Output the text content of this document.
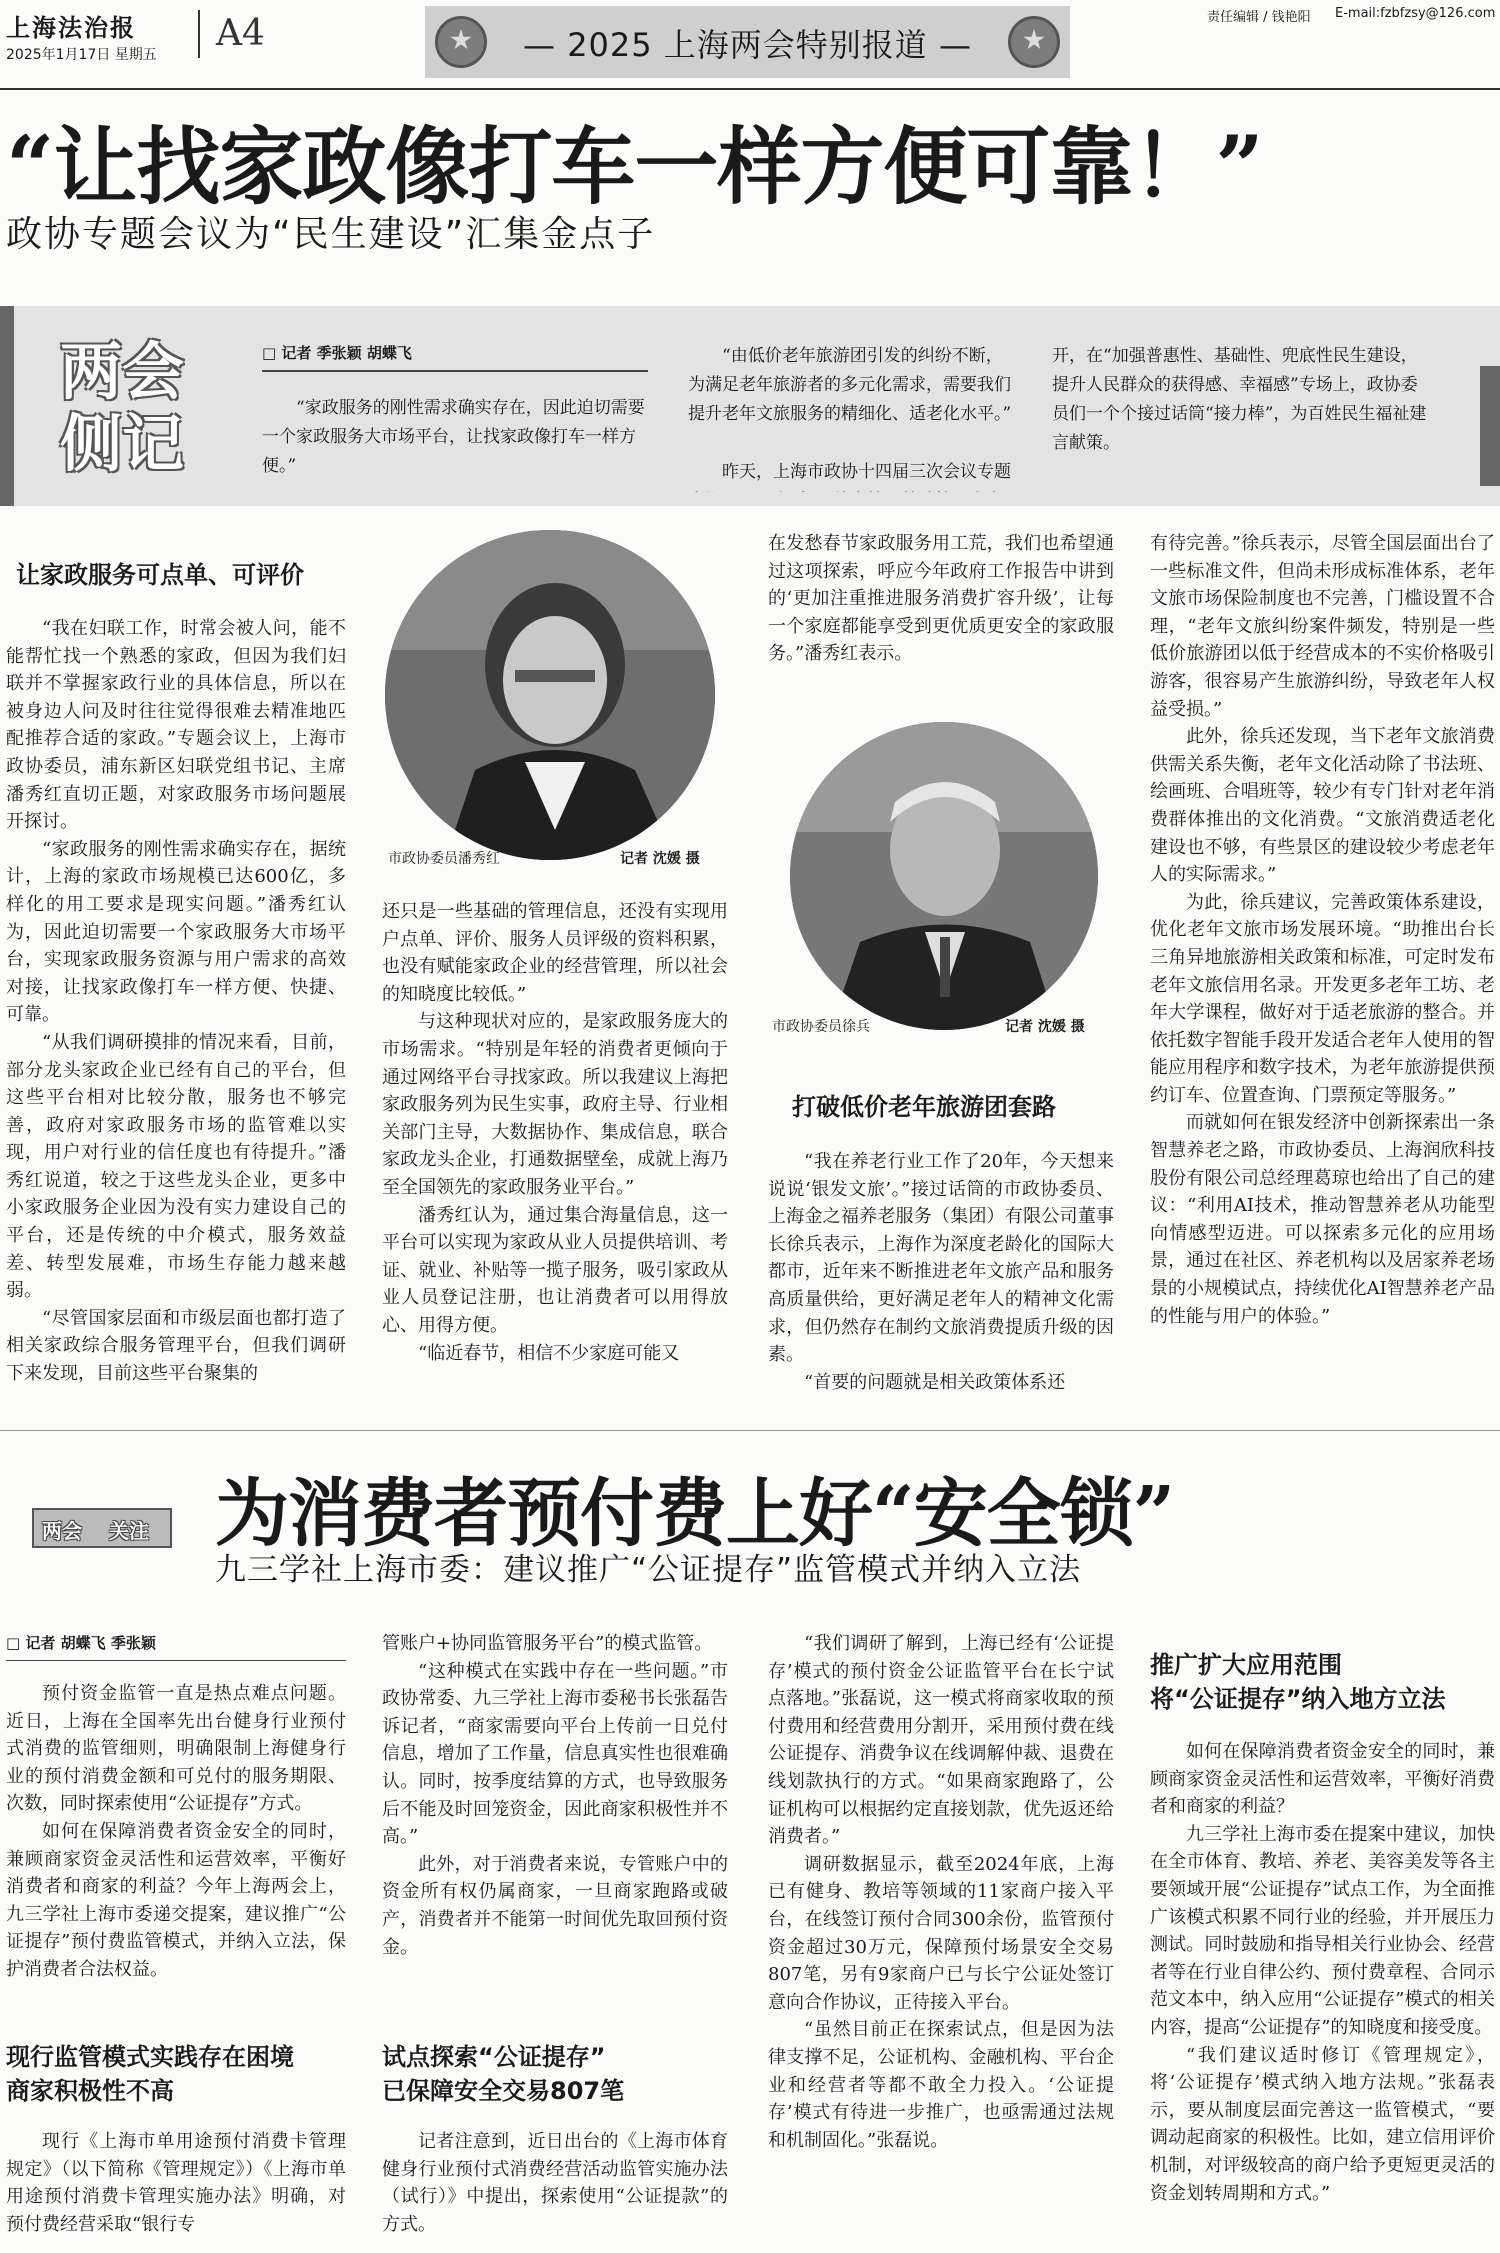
上海法治报
2025年1月17日 星期五
A4	— 2025 上海两会特别报道 —
责任编辑 / 钱艳阳 E-mail:fzbfzsy@126.com
“让找家政像打车一样方便可靠！”
政协专题会议为“民生建设”汇集金点子
两会侧记
□ 记者 季张颖 胡蝶飞
“家政服务的刚性需求确实存在，因此迫切需要一个家政服务大市场平台，让找家政像打车一样方便。”
“由低价老年旅游团引发的纠纷不断，为满足老年旅游者的多元化需求，需要我们提升老年文旅服务的精细化、适老化水平。”
昨天，上海市政协十四届三次会议专题
开，在“加强普惠性、基础性、兜底性民生建设，提升人民群众的获得感、幸福感”专场上，政协委员们一个个接过话筒“接力棒”，为百姓民生福祉建言献策。
让家政服务可点单、可评价

“我在妇联工作，时常会被人问，能不能帮忙找一个熟悉的家政，但因为我们妇联并不掌握家政行业的具体信息，所以在被身边人问及时往往觉得很难去精准地匹配推荐合适的家政。”专题会议上，上海市政协委员，浦东新区妇联党组书记、主席潘秀红直切正题，对家政服务市场问题展开探讨。

“家政服务的刚性需求确实存在，据统计，上海的家政市场规模已达600亿，多样化的用工要求是现实问题。”潘秀红认为，因此迫切需要一个家政服务大市场平台，实现家政服务资源与用户需求的高效对接，让找家政像打车一样方便、快捷、可靠。

“从我们调研摸排的情况来看，目前，部分龙头家政企业已经有自己的平台，但这些平台相对比较分散，服务也不够完善，政府对家政服务市场的监管难以实现，用户对行业的信任度也有待提升。”潘秀红说道，较之于这些龙头企业，更多中小家政服务企业因为没有实力建设自己的平台，还是传统的中介模式，服务效益差、转型发展难，市场生存能力越来越弱。

“尽管国家层面和市级层面也都打造了相关家政综合服务管理平台，但我们调研下来发现，目前这些平台聚集的

市政协委员潘秀红	记者 沈媛 摄

还只是一些基础的管理信息，还没有实现用户点单、评价、服务人员评级的资料积累，也没有赋能家政企业的经营管理，所以社会的知晓度比较低。”

与这种现状对应的，是家政服务庞大的市场需求。“特别是年轻的消费者更倾向于通过网络平台寻找家政。所以我建议上海把家政服务列为民生实事，政府主导、行业相关部门主导，大数据协作、集成信息，联合家政龙头企业，打通数据壁垒，成就上海乃至全国领先的家政服务业平台。”

潘秀红认为，通过集合海量信息，这一平台可以实现为家政从业人员提供培训、考证、就业、补贴等一揽子服务，吸引家政从业人员登记注册，也让消费者可以用得放心、用得方便。

“临近春节，相信不少家庭可能又

在发愁春节家政服务用工荒，我们也希望通过这项探索，呼应今年政府工作报告中讲到的‘更加注重推进服务消费扩容升级’，让每一个家庭都能享受到更优质更安全的家政服务。”潘秀红表示。

市政协委员徐兵	记者 沈媛 摄
打破低价老年旅游团套路

“我在养老行业工作了20年，今天想来说说‘银发文旅’。”接过话筒的市政协委员、上海金之福养老服务（集团）有限公司董事长徐兵表示，上海作为深度老龄化的国际大都市，近年来不断推进老年文旅产品和服务高质量供给，更好满足老年人的精神文化需求，但仍然存在制约文旅消费提质升级的因素。

“首要的问题就是相关政策体系还

有待完善。”徐兵表示，尽管全国层面出台了一些标准文件，但尚未形成标准体系，老年文旅市场保险制度也不完善，门槛设置不合理，“老年文旅纠纷案件频发，特别是一些低价旅游团以低于经营成本的不实价格吸引游客，很容易产生旅游纠纷，导致老年人权益受损。”

此外，徐兵还发现，当下老年文旅消费供需关系失衡，老年文化活动除了书法班、绘画班、合唱班等，较少有专门针对老年消费群体推出的文化消费。“文旅消费适老化建设也不够，有些景区的建设较少考虑老年人的实际需求。”

为此，徐兵建议，完善政策体系建设，优化老年文旅市场发展环境。“助推出台长三角异地旅游相关政策和标准，可定时发布老年文旅信用名录。开发更多老年工坊、老年大学课程，做好对于适老旅游的整合。并依托数字智能手段开发适合老年人使用的智能应用程序和数字技术，为老年旅游提供预约订车、位置查询、门票预定等服务。”

而就如何在银发经济中创新探索出一条智慧养老之路，市政协委员、上海润欣科技股份有限公司总经理葛琼也给出了自己的建议：“利用AI技术，推动智慧养老从功能型向情感型迈进。可以探索多元化的应用场景，通过在社区、养老机构以及居家养老场景的小规模试点，持续优化AI智慧养老产品的性能与用户的体验。”

两会 关注 为消费者预付费上好“安全锁”
九三学社上海市委：建议推广“公证提存”监管模式并纳入立法
□ 记者 胡蝶飞 季张颖

预付资金监管一直是热点难点问题。近日，上海在全国率先出台健身行业预付式消费的监管细则，明确限制上海健身行业的预付消费金额和可兑付的服务期限、次数，同时探索使用“公证提存”方式。

如何在保障消费者资金安全的同时，兼顾商家资金灵活性和运营效率，平衡好消费者和商家的利益？今年上海两会上，九三学社上海市委递交提案，建议推广“公证提存”预付费监管模式，并纳入立法，保护消费者合法权益。

现行监管模式实践存在困境
商家积极性不高

现行《上海市单用途预付消费卡管理规定》（以下简称《管理规定》）《上海市单用途预付消费卡管理实施办法》明确，对预付费经营采取“银行专

管账户+协同监管服务平台”的模式监管。

“这种模式在实践中存在一些问题。”市政协常委、九三学社上海市委秘书长张磊告诉记者，“商家需要向平台上传前一日兑付信息，增加了工作量，信息真实性也很难确认。同时，按季度结算的方式，也导致服务后不能及时回笼资金，因此商家积极性并不高。”

此外，对于消费者来说，专管账户中的资金所有权仍属商家，一旦商家跑路或破产，消费者并不能第一时间优先取回预付资金。

试点探索“公证提存”
已保障安全交易807笔

记者注意到，近日出台的《上海市体育健身行业预付式消费经营活动监管实施办法（试行）》中提出，探索使用“公证提款”的方式。

“我们调研了解到，上海已经有‘公证提存’模式的预付资金公证监管平台在长宁试点落地。”张磊说，这一模式将商家收取的预付费用和经营费用分割开，采用预付费在线公证提存、消费争议在线调解仲裁、退费在线划款执行的方式。“如果商家跑路了，公证机构可以根据约定直接划款，优先返还给消费者。”

调研数据显示，截至2024年底，上海已有健身、教培等领域的11家商户接入平台，在线签订预付合同300余份，监管预付资金超过30万元，保障预付场景安全交易807笔，另有9家商户已与长宁公证处签订意向合作协议，正待接入平台。

“虽然目前正在探索试点，但是因为法律支撑不足，公证机构、金融机构、平台企业和经营者等都不敢全力投入。‘公证提存’模式有待进一步推广，也亟需通过法规和机制固化。”张磊说。

推广扩大应用范围
将“公证提存”纳入地方立法

如何在保障消费者资金安全的同时，兼顾商家资金灵活性和运营效率，平衡好消费者和商家的利益？

九三学社上海市委在提案中建议，加快在全市体育、教培、养老、美容美发等各主要领域开展“公证提存”试点工作，为全面推广该模式积累不同行业的经验，并开展压力测试。同时鼓励和指导相关行业协会、经营者等在行业自律公约、预付费章程、合同示范文本中，纳入应用“公证提存”模式的相关内容，提高“公证提存”的知晓度和接受度。

“我们建议适时修订《管理规定》，将‘公证提存’模式纳入地方法规。”张磊表示，要从制度层面完善这一监管模式，“要调动起商家的积极性。比如，建立信用评价机制，对评级较高的商户给予更短更灵活的资金划转周期和方式。”
